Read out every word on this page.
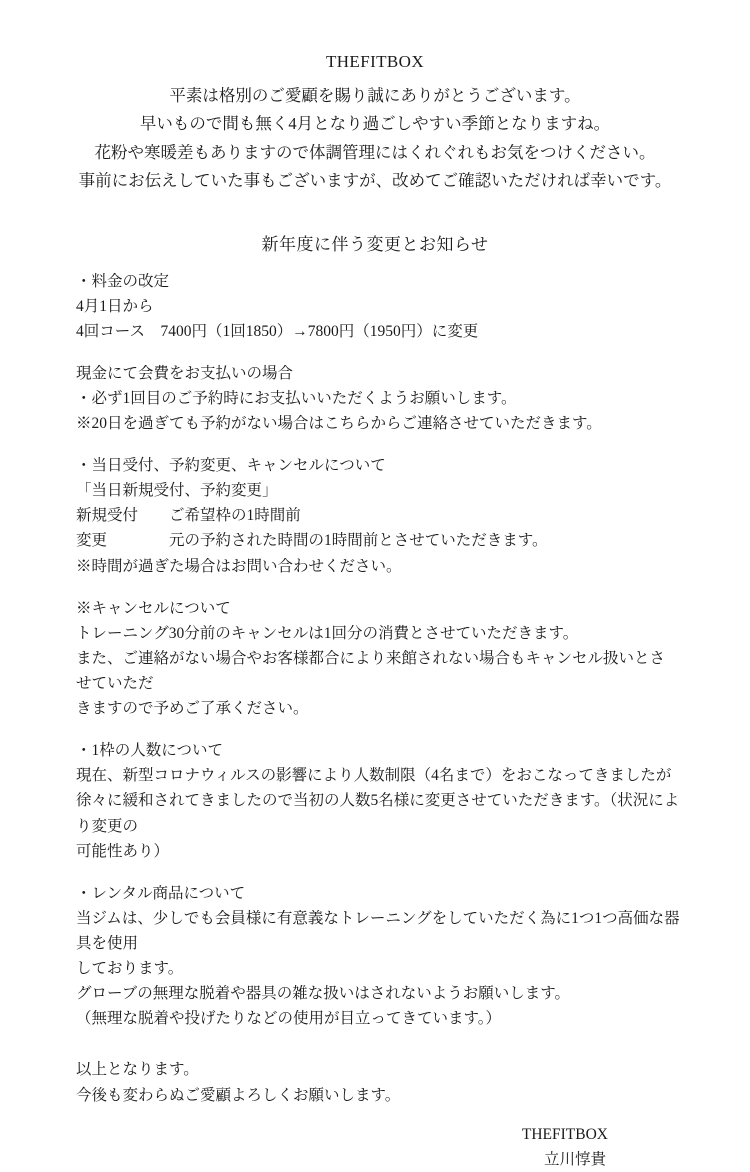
THEFITBOX

平素は格別のご愛顧を賜り誠にありがとうございます。

早いもので間も無く4月となり過ごしやすい季節となりますね。

花粉や寒暖差もありますので体調管理にはくれぐれもお気をつけください。

事前にお伝えしていた事もございますが、改めてご確認いただければ幸いです。

新年度に伴う変更とお知らせ

・料金の改定

4月1日から

4回コース　7400円（1回1850）→7800円（1950円）に変更

現金にて会費をお支払いの場合

・必ず1回目のご予約時にお支払いいただくようお願いします。

※20日を過ぎても予約がない場合はこちらからご連絡させていただきます。

・当日受付、予約変更、キャンセルについて

「当日新規受付、予約変更」

新規受付　　ご希望枠の1時間前

変更　　　　元の予約された時間の1時間前とさせていただきます。

※時間が過ぎた場合はお問い合わせください。

※キャンセルについて

トレーニング30分前のキャンセルは1回分の消費とさせていただきます。

また、ご連絡がない場合やお客様都合により来館されない場合もキャンセル扱いとさせていただ

きますので予めご了承ください。

・1枠の人数について

現在、新型コロナウィルスの影響により人数制限（4名まで）をおこなってきましたが

徐々に緩和されてきましたので当初の人数5名様に変更させていただきます。（状況により変更の

可能性あり）

・レンタル商品について

当ジムは、少しでも会員様に有意義なトレーニングをしていただく為に1つ1つ高価な器具を使用

しております。

グローブの無理な脱着や器具の雑な扱いはされないようお願いします。

（無理な脱着や投げたりなどの使用が目立ってきています。）

以上となります。

今後も変わらぬご愛顧よろしくお願いします。

THEFITBOX

立川惇貴
